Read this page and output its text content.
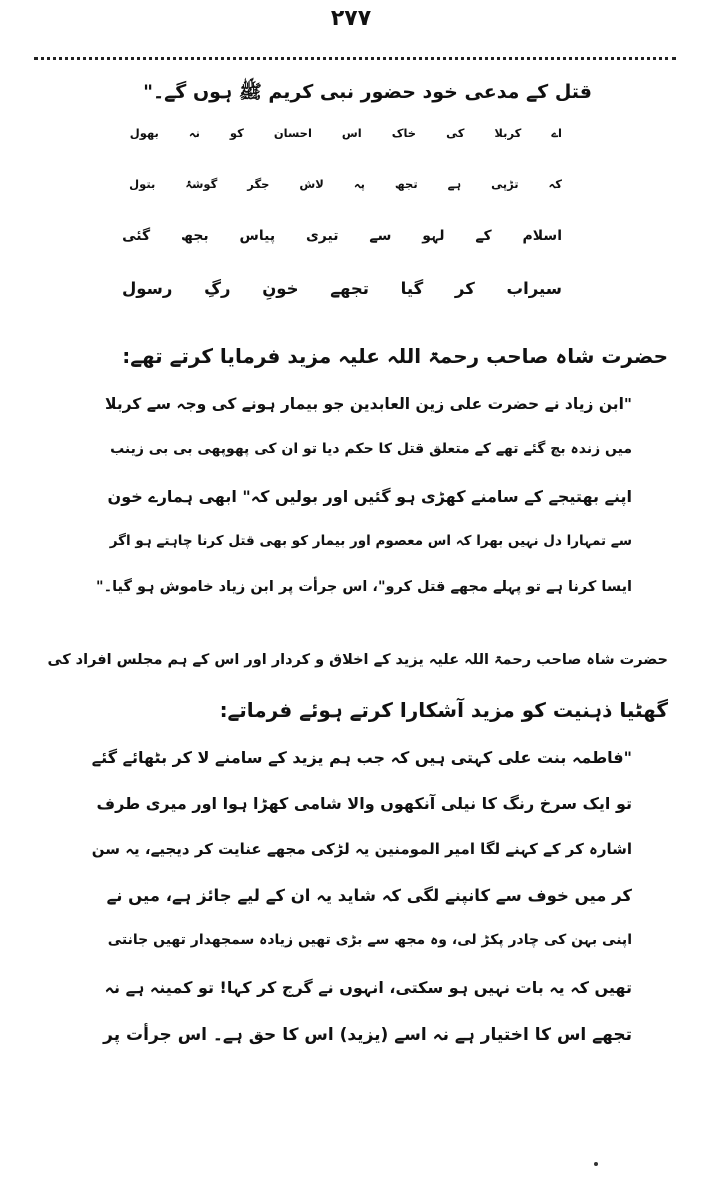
۲۷۷
قتل کے مدعی خود حضور نبی کریم ﷺ ہوں گے۔"
اے کربلا کی خاک اس احسان کو نہ بھول
کہ تڑپی ہے تجھ پہ لاش جگر گوشۂ بتول
اسلام کے لہو سے تیری پیاس بجھ گئی
سیراب کر گیا تجھے خونِ رگِ رسول
حضرت شاہ صاحب رحمۃ اللہ علیہ مزید فرمایا کرتے تھے:
"ابن زیاد نے حضرت علی زین العابدین جو بیمار ہونے کی وجہ سے کربلا
میں زندہ بچ گئے تھے کے متعلق قتل کا حکم دیا تو ان کی پھوپھی بی بی زینب
اپنے بھتیجے کے سامنے کھڑی ہو گئیں اور بولیں کہ" ابھی ہمارے خون
سے تمہارا دل نہیں بھرا کہ اس معصوم اور بیمار کو بھی قتل کرنا چاہتے ہو اگر
ایسا کرنا ہے تو پہلے مجھے قتل کرو"، اس جرأت پر ابن زیاد خاموش ہو گیا۔"
حضرت شاہ صاحب رحمۃ اللہ علیہ یزید کے اخلاق و کردار اور اس کے ہم مجلس افراد کی
گھٹیا ذہنیت کو مزید آشکارا کرتے ہوئے فرماتے:
"فاطمہ بنت علی کہتی ہیں کہ جب ہم یزید کے سامنے لا کر بٹھائے گئے
تو ایک سرخ رنگ کا نیلی آنکھوں والا شامی کھڑا ہوا اور میری طرف
اشارہ کر کے کہنے لگا امیر المومنین یہ لڑکی مجھے عنایت کر دیجیے، یہ سن
کر میں خوف سے کانپنے لگی کہ شاید یہ ان کے لیے جائز ہے، میں نے
اپنی بہن کی چادر پکڑ لی، وہ مجھ سے بڑی تھیں زیادہ سمجھدار تھیں جانتی
تھیں کہ یہ بات نہیں ہو سکتی، انہوں نے گرج کر کہا! تو کمینہ ہے نہ
تجھے اس کا اختیار ہے نہ اسے (یزید) اس کا حق ہے۔ اس جرأت پر
